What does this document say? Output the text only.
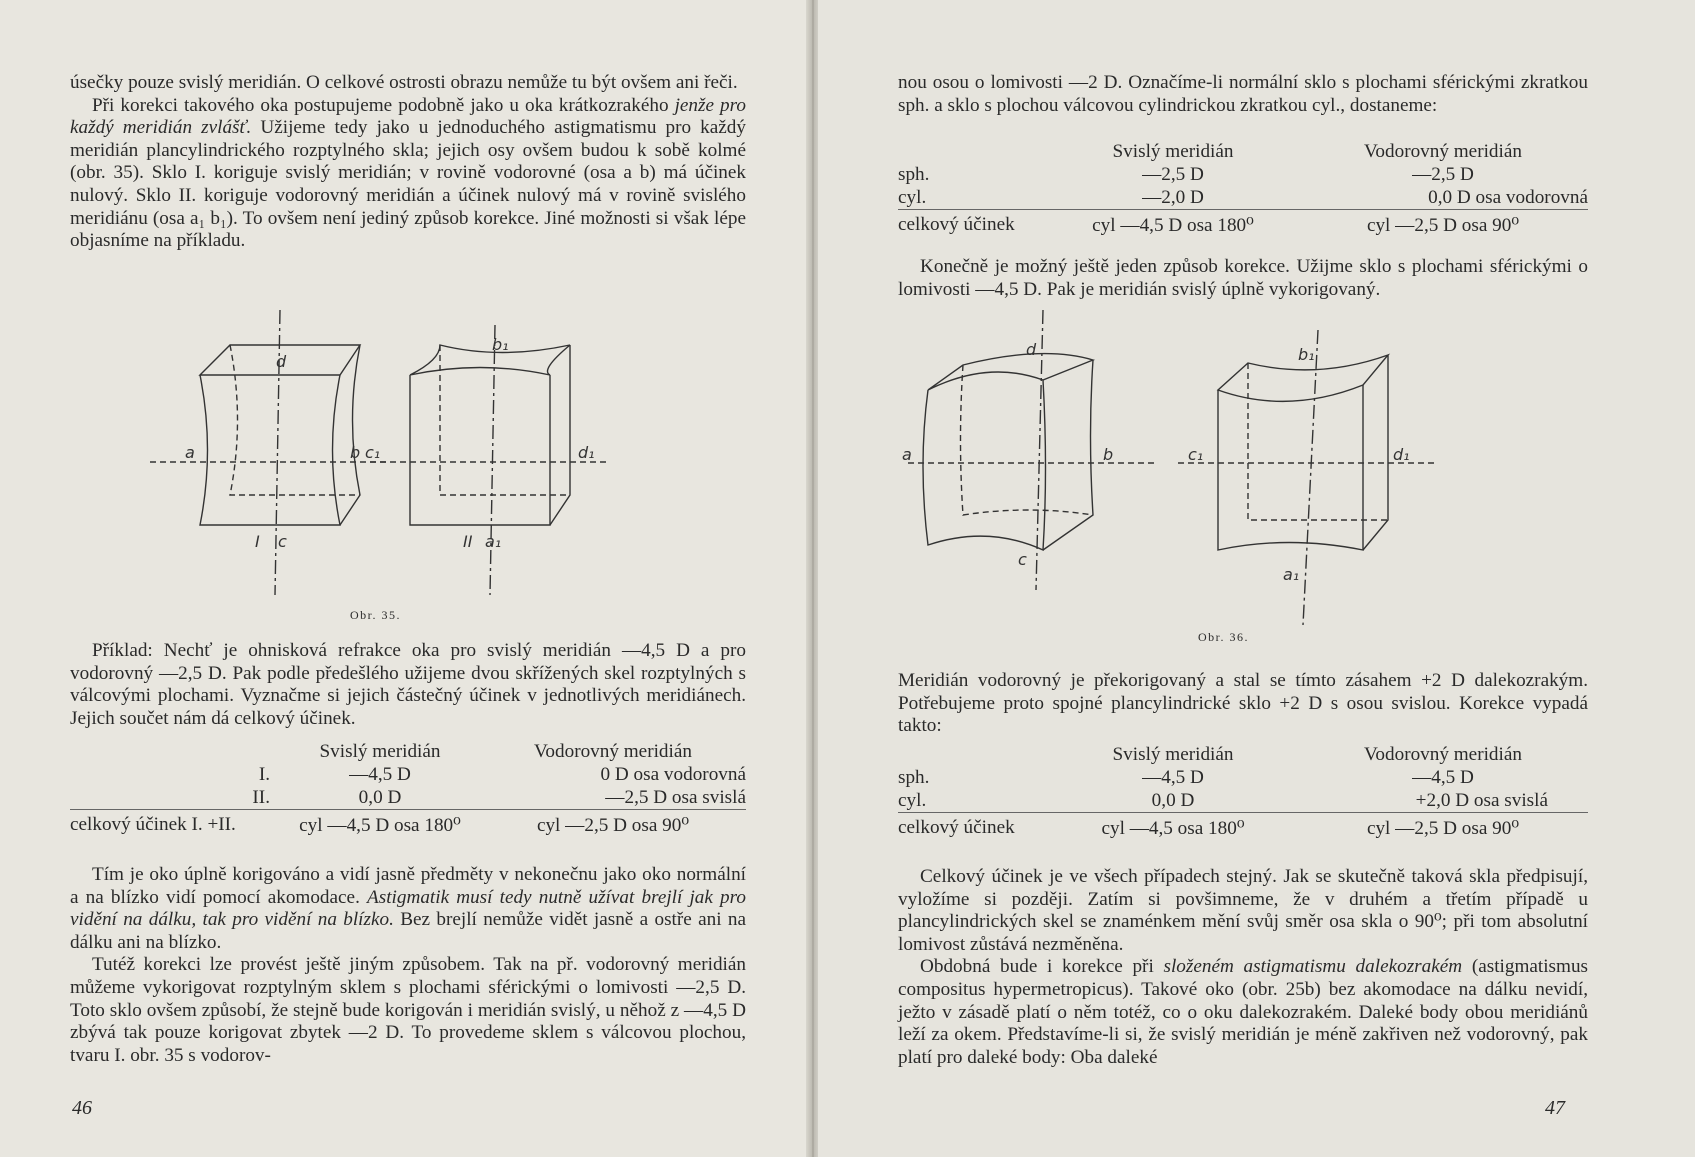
úsečky pouze svislý meridián. O celkové ostrosti obrazu nemůže tu být ovšem ani řeči.

Při korekci takového oka postupujeme podobně jako u oka krátkozrakého jenže pro každý meridián zvlášť. Užijeme tedy jako u jednoduchého astigmatismu pro každý meridián plancylindrického rozptylného skla; jejich osy ovšem budou k sobě kolmé (obr. 35). Sklo I. koriguje svislý meridián; v rovině vodorovné (osa a b) má účinek nulový. Sklo II. koriguje vodorovný meridián a účinek nulový má v rovině svislého meridiánu (osa a₁ b₁). To ovšem není jediný způsob korekce. Jiné možnosti si však lépe objasníme na příkladu.

a	b
d
I c
c₁	d₁
b₁
II a₁
Obr. 35.

Příklad: Nechť je ohnisková refrakce oka pro svislý meridián —4,5 D a pro vodorovný —2,5 D. Pak podle předešlého užijeme dvou skřížených skel rozptylných s válcovými plochami. Vyznačme si jejich částečný účinek v jednotlivých meridiánech. Jejich součet nám dá celkový účinek.

	Svislý meridián	Vodorovný meridián
I.	—4,5 D	0 D osa vodorovná
II.	0,0 D	—2,5 D osa svislá
celkový účinek I. +II.	cyl —4,5 D osa 180⁰	cyl —2,5 D osa 90⁰

Tím je oko úplně korigováno a vidí jasně předměty v nekonečnu jako oko normální a na blízko vidí pomocí akomodace. Astigmatik musí tedy nutně užívat brejlí jak pro vidění na dálku, tak pro vidění na blízko. Bez brejlí nemůže vidět jasně a ostře ani na dálku ani na blízko.

Tutéž korekci lze provést ještě jiným způsobem. Tak na př. vodorovný meridián můžeme vykorigovat rozptylným sklem s plochami sférickými o lomivosti —2,5 D. Toto sklo ovšem způsobí, že stejně bude korigován i meridián svislý, u něhož z —4,5 D zbývá tak pouze korigovat zbytek —2 D. To provedeme sklem s válcovou plochou, tvaru I. obr. 35 s vodorov-

46

nou osou o lomivosti —2 D. Označíme-li normální sklo s plochami sférickými zkratkou sph. a sklo s plochou válcovou cylindrickou zkratkou cyl., dostaneme:

	Svislý meridián	Vodorovný meridián
sph.	—2,5 D	—2,5 D
cyl.	—2,0 D	0,0 D osa vodorovná
celkový účinek	cyl —4,5 D osa 180⁰	cyl —2,5 D osa 90⁰

Konečně je možný ještě jeden způsob korekce. Užijme sklo s plochami sférickými o lomivosti —4,5 D. Pak je meridián svislý úplně vykorigovaný.

a	b
d
c
c₁	d₁
b₁
a₁
Obr. 36.

Meridián vodorovný je překorigovaný a stal se tímto zásahem +2 D dalekozrakým. Potřebujeme proto spojné plancylindrické sklo +2 D s osou svislou. Korekce vypadá takto:

	Svislý meridián	Vodorovný meridián
sph.	—4,5 D	—4,5 D
cyl.	0,0 D	+2,0 D osa svislá
celkový účinek	cyl —4,5 osa 180⁰	cyl —2,5 D osa 90⁰

Celkový účinek je ve všech případech stejný. Jak se skutečně taková skla předpisují, vyložíme si později. Zatím si povšimneme, že v druhém a třetím případě u plancylindrických skel se znaménkem mění svůj směr osa skla o 90⁰; při tom absolutní lomivost zůstává nezměněna.

Obdobná bude i korekce při složeném astigmatismu dalekozrakém (astigmatismus compositus hypermetropicus). Takové oko (obr. 25b) bez akomodace na dálku nevidí, ježto v zásadě platí o něm totéž, co o oku dalekozrakém. Daleké body obou meridiánů leží za okem. Představíme-li si, že svislý meridián je méně zakřiven než vodorovný, pak platí pro daleké body: Oba daleké

47
